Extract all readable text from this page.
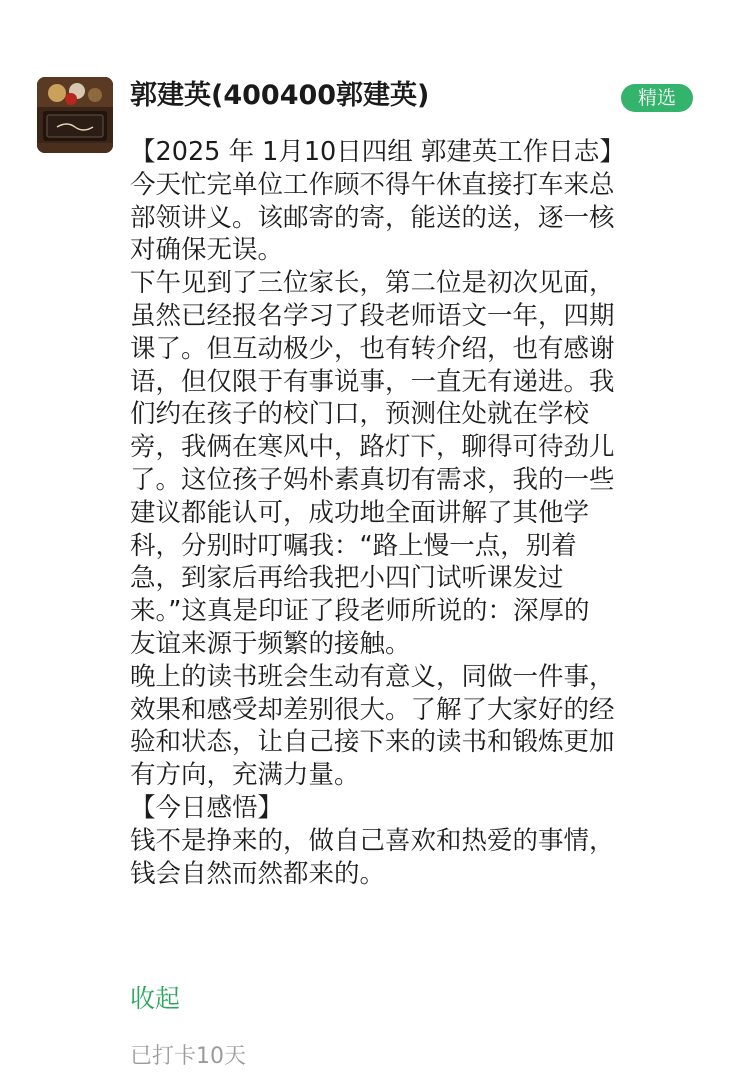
郭建英(400400郭建英)	精选
【2025 年 1月10日四组 郭建英工作日志】
今天忙完单位工作顾不得午休直接打车来总
部领讲义。该邮寄的寄，能送的送，逐一核
对确保无误。
下午见到了三位家长，第二位是初次见面，
虽然已经报名学习了段老师语文一年，四期
课了。但互动极少，也有转介绍，也有感谢
语，但仅限于有事说事，一直无有递进。我
们约在孩子的校门口，预测住处就在学校
旁，我俩在寒风中，路灯下，聊得可待劲儿
了。这位孩子妈朴素真切有需求，我的一些
建议都能认可，成功地全面讲解了其他学
科，分别时叮嘱我：“路上慢一点，别着
急，到家后再给我把小四门试听课发过
来。”这真是印证了段老师所说的：深厚的
友谊来源于频繁的接触。
晚上的读书班会生动有意义，同做一件事，
效果和感受却差别很大。了解了大家好的经
验和状态，让自己接下来的读书和锻炼更加
有方向，充满力量。
【今日感悟】
钱不是挣来的，做自己喜欢和热爱的事情，
钱会自然而然都来的。
收起
已打卡10天
